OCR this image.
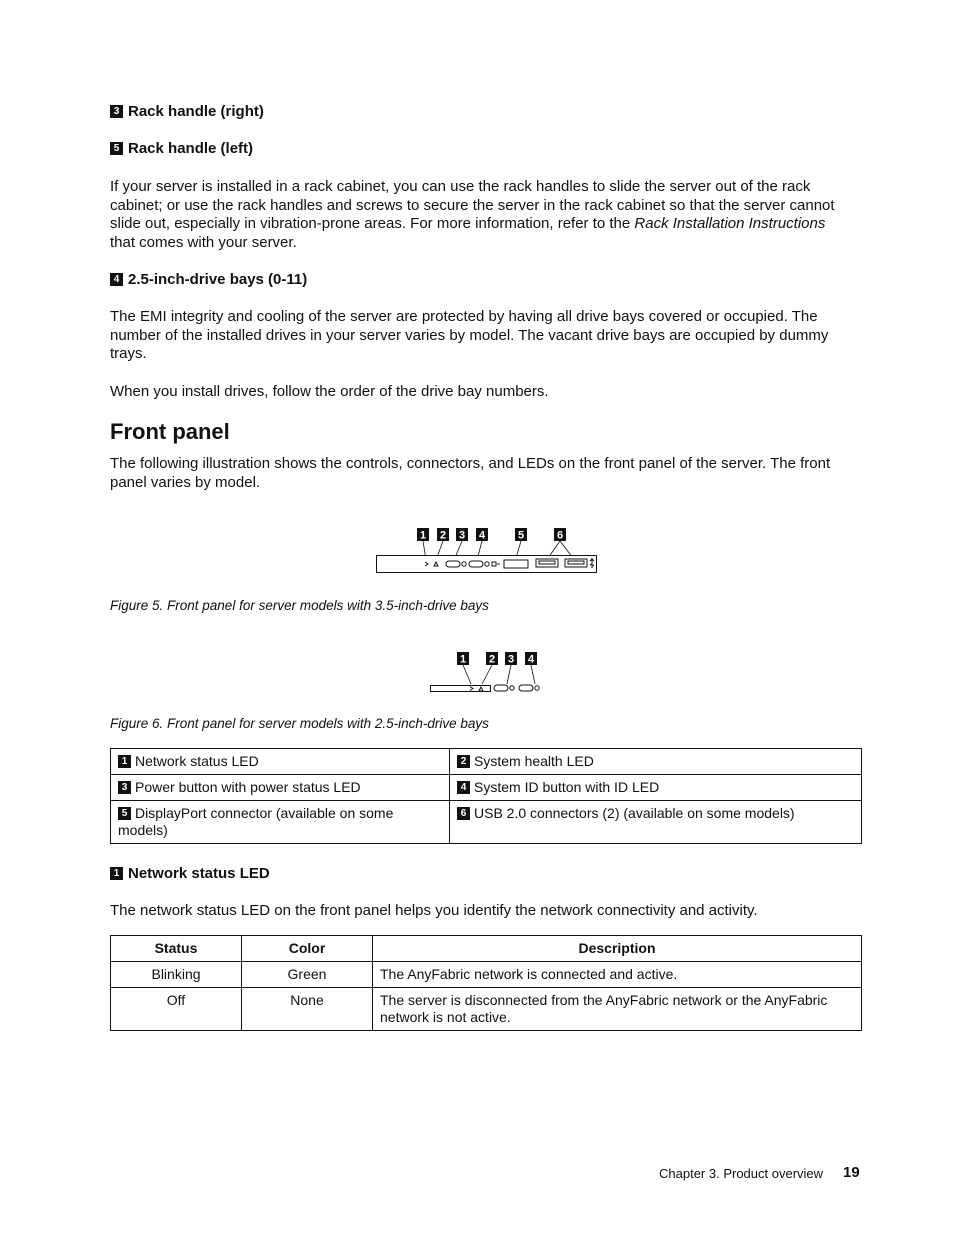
3 Rack handle (right)
5 Rack handle (left)
If your server is installed in a rack cabinet, you can use the rack handles to slide the server out of the rack cabinet; or use the rack handles and screws to secure the server in the rack cabinet so that the server cannot slide out, especially in vibration-prone areas. For more information, refer to the Rack Installation Instructions that comes with your server.
4 2.5-inch-drive bays (0-11)
The EMI integrity and cooling of the server are protected by having all drive bays covered or occupied. The number of the installed drives in your server varies by model. The vacant drive bays are occupied by dummy trays.
When you install drives, follow the order of the drive bay numbers.
Front panel
The following illustration shows the controls, connectors, and LEDs on the front panel of the server. The front panel varies by model.
1 2 3 4	5	6
Figure 5. Front panel for server models with 3.5-inch-drive bays
1 2 3 4
Figure 6. Front panel for server models with 2.5-inch-drive bays
1 Network status LED	2 System health LED
3 Power button with power status LED	4 System ID button with ID LED
5 DisplayPort connector (available on some models)	6 USB 2.0 connectors (2) (available on some models)
1 Network status LED
The network status LED on the front panel helps you identify the network connectivity and activity.
Status	Color	Description
Blinking	Green	The AnyFabric network is connected and active.
Off	None	The server is disconnected from the AnyFabric network or the AnyFabric network is not active.
Chapter 3. Product overview 19
